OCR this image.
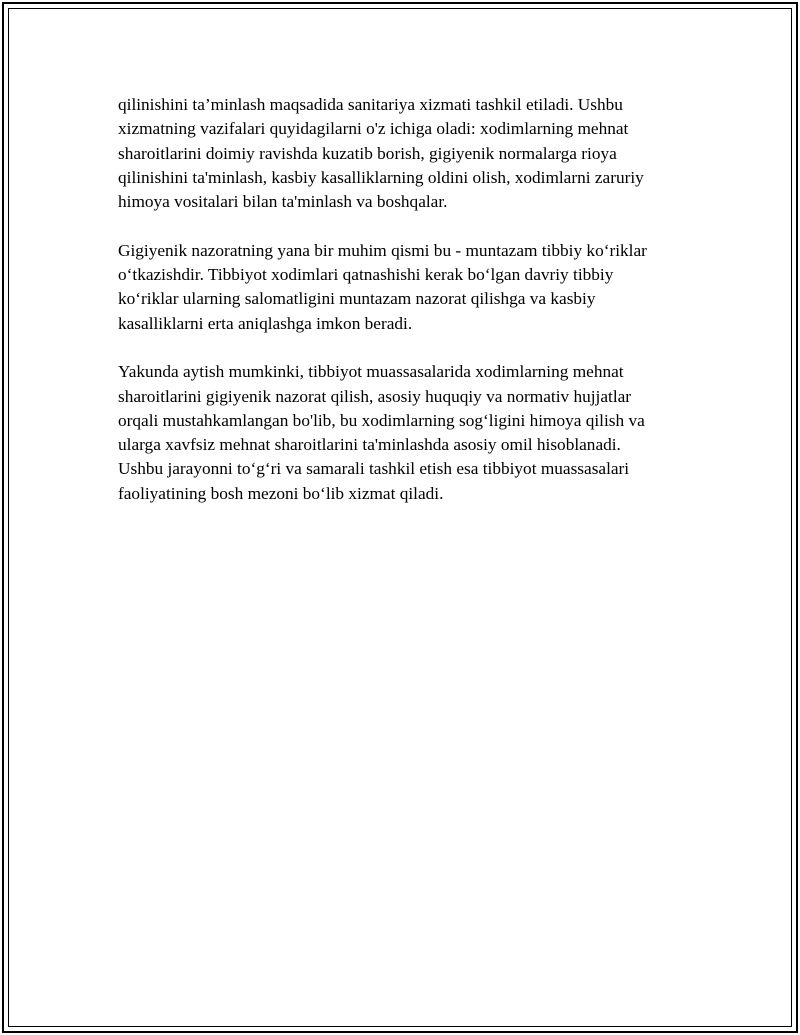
qilinishini ta’minlash maqsadida sanitariya xizmati tashkil etiladi. Ushbu
xizmatning vazifalari quyidagilarni o'z ichiga oladi: xodimlarning mehnat
sharoitlarini doimiy ravishda kuzatib borish, gigiyenik normalarga rioya
qilinishini ta'minlash, kasbiy kasalliklarning oldini olish, xodimlarni zaruriy
himoya vositalari bilan ta'minlash va boshqalar.

Gigiyenik nazoratning yana bir muhim qismi bu - muntazam tibbiy ko‘riklar
o‘tkazishdir. Tibbiyot xodimlari qatnashishi kerak bo‘lgan davriy tibbiy
ko‘riklar ularning salomatligini muntazam nazorat qilishga va kasbiy
kasalliklarni erta aniqlashga imkon beradi.

Yakunda aytish mumkinki, tibbiyot muassasalarida xodimlarning mehnat
sharoitlarini gigiyenik nazorat qilish, asosiy huquqiy va normativ hujjatlar
orqali mustahkamlangan bo'lib, bu xodimlarning sog‘ligini himoya qilish va
ularga xavfsiz mehnat sharoitlarini ta'minlashda asosiy omil hisoblanadi.
Ushbu jarayonni to‘g‘ri va samarali tashkil etish esa tibbiyot muassasalari
faoliyatining bosh mezoni bo‘lib xizmat qiladi.
